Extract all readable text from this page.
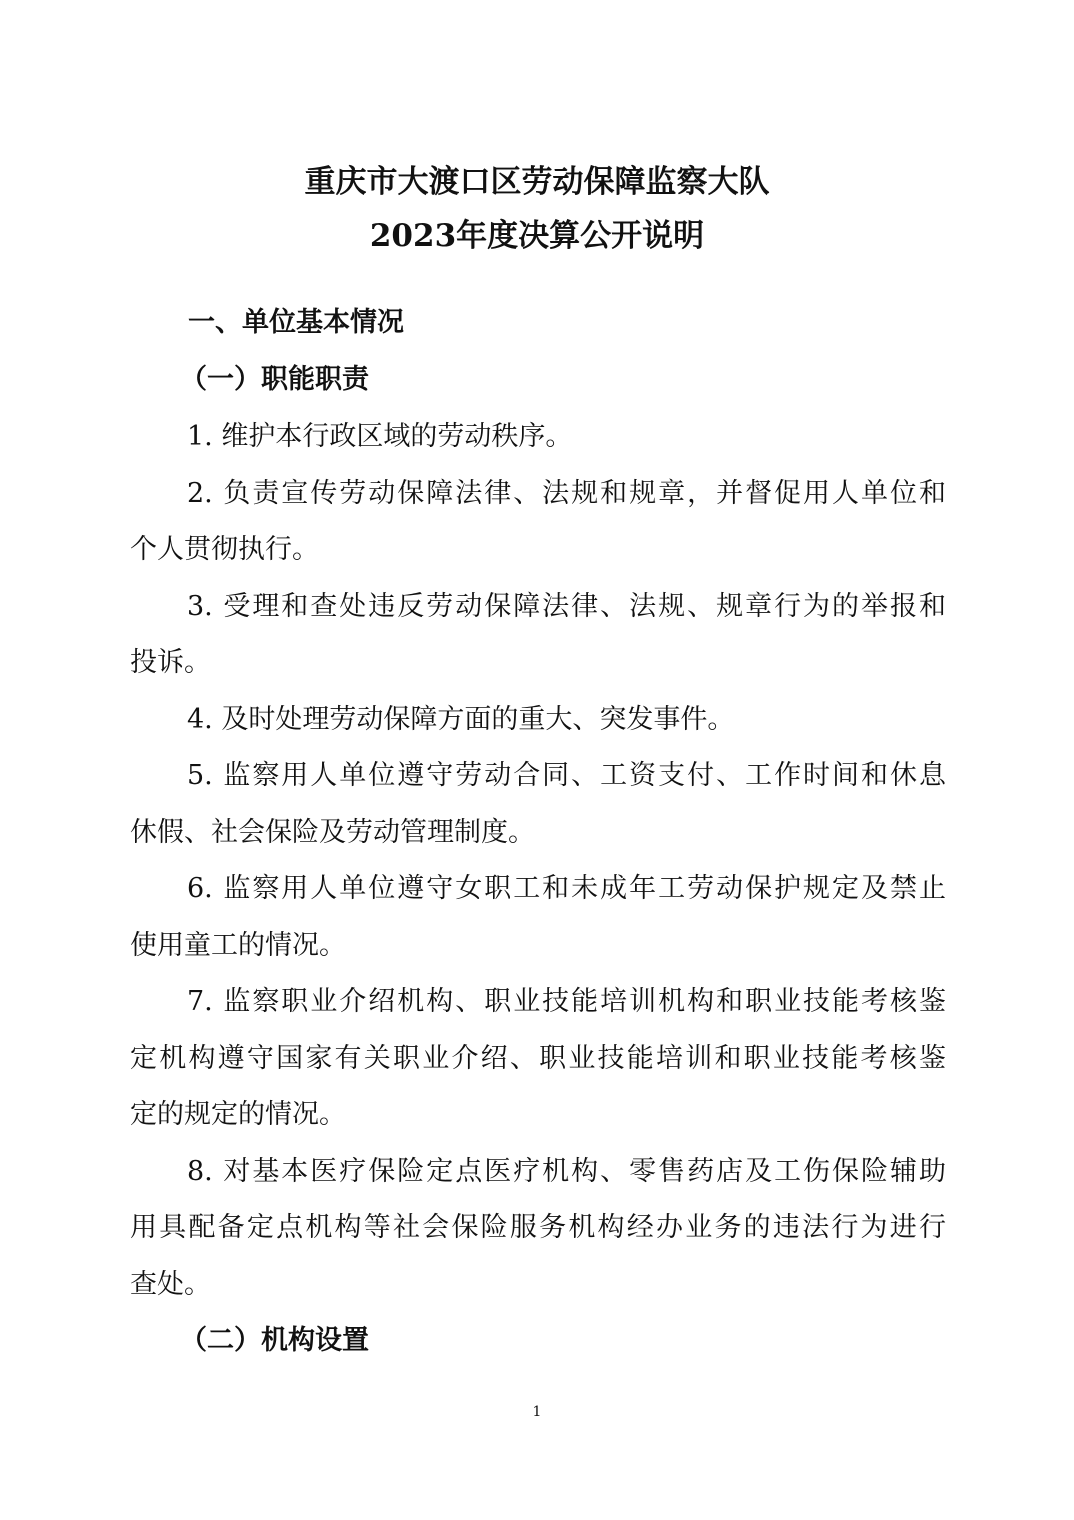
重庆市大渡口区劳动保障监察大队
2023年度决算公开说明
一、单位基本情况
（一）职能职责
1. 维护本行政区域的劳动秩序。
2. 负责宣传劳动保障法律、法规和规章，并督促用人单位和
个人贯彻执行。
3. 受理和查处违反劳动保障法律、法规、规章行为的举报和
投诉。
4. 及时处理劳动保障方面的重大、突发事件。
5. 监察用人单位遵守劳动合同、工资支付、工作时间和休息
休假、社会保险及劳动管理制度。
6. 监察用人单位遵守女职工和未成年工劳动保护规定及禁止
使用童工的情况。
7. 监察职业介绍机构、职业技能培训机构和职业技能考核鉴
定机构遵守国家有关职业介绍、职业技能培训和职业技能考核鉴
定的规定的情况。
8. 对基本医疗保险定点医疗机构、零售药店及工伤保险辅助
用具配备定点机构等社会保险服务机构经办业务的违法行为进行
查处。
（二）机构设置
1
